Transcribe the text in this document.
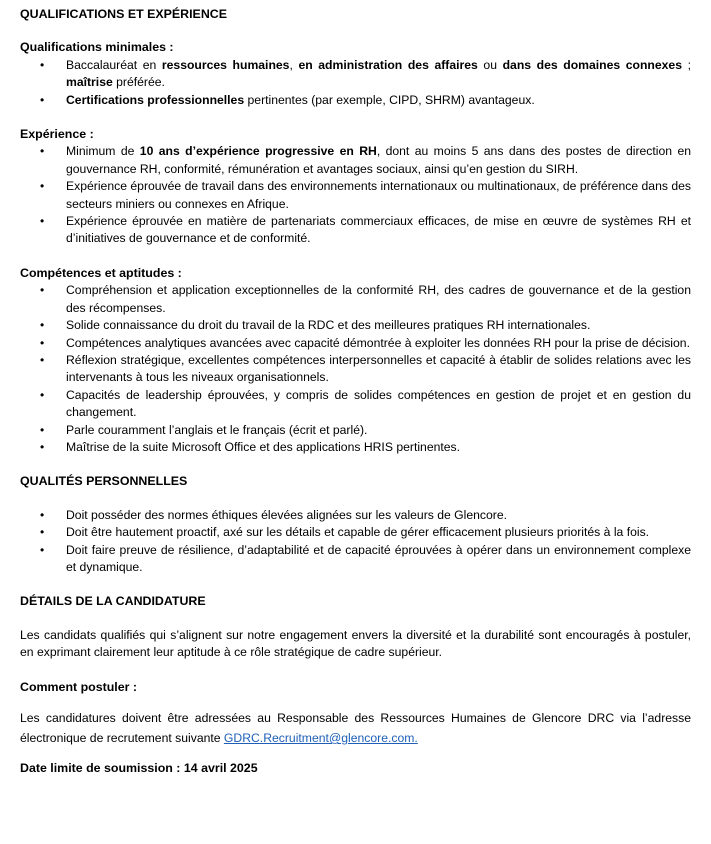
QUALIFICATIONS ET EXPÉRIENCE
Qualifications minimales :
• Baccalauréat en ressources humaines, en administration des affaires ou dans des domaines connexes ; maîtrise préférée.
• Certifications professionnelles pertinentes (par exemple, CIPD, SHRM) avantageux.
Expérience :
• Minimum de 10 ans d’expérience progressive en RH, dont au moins 5 ans dans des postes de direction en gouvernance RH, conformité, rémunération et avantages sociaux, ainsi qu’en gestion du SIRH.
• Expérience éprouvée de travail dans des environnements internationaux ou multinationaux, de préférence dans des secteurs miniers ou connexes en Afrique.
• Expérience éprouvée en matière de partenariats commerciaux efficaces, de mise en œuvre de systèmes RH et d’initiatives de gouvernance et de conformité.
Compétences et aptitudes :
• Compréhension et application exceptionnelles de la conformité RH, des cadres de gouvernance et de la gestion des récompenses.
• Solide connaissance du droit du travail de la RDC et des meilleures pratiques RH internationales.
• Compétences analytiques avancées avec capacité démontrée à exploiter les données RH pour la prise de décision.
• Réflexion stratégique, excellentes compétences interpersonnelles et capacité à établir de solides relations avec les intervenants à tous les niveaux organisationnels.
• Capacités de leadership éprouvées, y compris de solides compétences en gestion de projet et en gestion du changement.
• Parle couramment l’anglais et le français (écrit et parlé).
• Maîtrise de la suite Microsoft Office et des applications HRIS pertinentes.
QUALITÉS PERSONNELLES
• Doit posséder des normes éthiques élevées alignées sur les valeurs de Glencore.
• Doit être hautement proactif, axé sur les détails et capable de gérer efficacement plusieurs priorités à la fois.
• Doit faire preuve de résilience, d’adaptabilité et de capacité éprouvées à opérer dans un environnement complexe et dynamique.
DÉTAILS DE LA CANDIDATURE

Les candidats qualifiés qui s’alignent sur notre engagement envers la diversité et la durabilité sont encouragés à postuler, en exprimant clairement leur aptitude à ce rôle stratégique de cadre supérieur.

Comment postuler :

Les candidatures doivent être adressées au Responsable des Ressources Humaines de Glencore DRC via l’adresse électronique de recrutement suivante GDRC.Recruitment@glencore.com.

Date limite de soumission : 14 avril 2025
